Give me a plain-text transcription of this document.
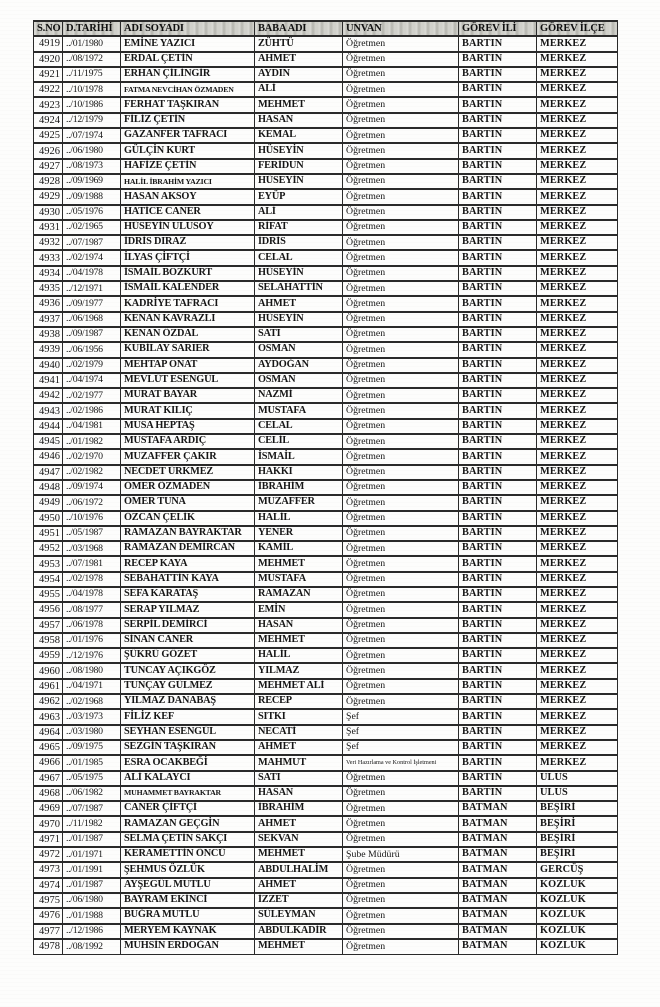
S.NO	D.TARİHİ	ADI SOYADI	BABA ADI	UNVAN	GÖREV İLİ	GÖREV İLÇE
4919	../01/1980	EMİNE YAZICI	ZÜHTÜ	Öğretmen	BARTIN	MERKEZ
4920	../08/1972	ERDAL ÇETİN	AHMET	Öğretmen	BARTIN	MERKEZ
4921	../11/1975	ERHAN ÇİLİNGİR	AYDIN	Öğretmen	BARTIN	MERKEZ
4922	../10/1978	FATMA NEVCİHAN ÖZMADEN	ALİ	Öğretmen	BARTIN	MERKEZ
4923	../10/1986	FERHAT TAŞKIRAN	MEHMET	Öğretmen	BARTIN	MERKEZ
4924	../12/1979	FİLİZ ÇETİN	HASAN	Öğretmen	BARTIN	MERKEZ
4925	../07/1974	GAZANFER TAFRACI	KEMAL	Öğretmen	BARTIN	MERKEZ
4926	../06/1980	GÜLÇİN KURT	HÜSEYİN	Öğretmen	BARTIN	MERKEZ
4927	../08/1973	HAFİZE ÇETİN	FERİDUN	Öğretmen	BARTIN	MERKEZ
4928	../09/1969	HALİL İBRAHİM YAZICI	HÜSEYİN	Öğretmen	BARTIN	MERKEZ
4929	../09/1988	HASAN AKSOY	EYÜP	Öğretmen	BARTIN	MERKEZ
4930	../05/1976	HATİCE CANER	ALİ	Öğretmen	BARTIN	MERKEZ
4931	../02/1965	HÜSEYİN ULUSOY	RİFAT	Öğretmen	BARTIN	MERKEZ
4932	../07/1987	İDRİS DIRAZ	İDRİS	Öğretmen	BARTIN	MERKEZ
4933	../02/1974	İLYAS ÇİFTÇİ	CELAL	Öğretmen	BARTIN	MERKEZ
4934	../04/1978	İSMAİL BOZKURT	HÜSEYİN	Öğretmen	BARTIN	MERKEZ
4935	../12/1971	İSMAİL KALENDER	SELAHATTİN	Öğretmen	BARTIN	MERKEZ
4936	../09/1977	KADRİYE TAFRACI	AHMET	Öğretmen	BARTIN	MERKEZ
4937	../06/1968	KENAN KAVRAZLI	HÜSEYİN	Öğretmen	BARTIN	MERKEZ
4938	../09/1987	KENAN ÖZDAL	SATI	Öğretmen	BARTIN	MERKEZ
4939	../06/1956	KUBİLAY SARIER	OSMAN	Öğretmen	BARTIN	MERKEZ
4940	../02/1979	MEHTAP ONAT	AYDOĞAN	Öğretmen	BARTIN	MERKEZ
4941	../04/1974	MEVLÜT ESENGÜL	OSMAN	Öğretmen	BARTIN	MERKEZ
4942	../02/1977	MURAT BAYAR	NAZMİ	Öğretmen	BARTIN	MERKEZ
4943	../02/1986	MURAT KILIÇ	MUSTAFA	Öğretmen	BARTIN	MERKEZ
4944	../04/1981	MUSA HEPTAŞ	CELAL	Öğretmen	BARTIN	MERKEZ
4945	../01/1982	MUSTAFA ARDIÇ	CELİL	Öğretmen	BARTIN	MERKEZ
4946	../02/1970	MUZAFFER ÇAKIR	İSMAİL	Öğretmen	BARTIN	MERKEZ
4947	../02/1982	NECDET ÜRKMEZ	HAKKI	Öğretmen	BARTIN	MERKEZ
4948	../09/1974	ÖMER ÖZMADEN	İBRAHİM	Öğretmen	BARTIN	MERKEZ
4949	../06/1972	ÖMER TUNA	MUZAFFER	Öğretmen	BARTIN	MERKEZ
4950	../10/1976	ÖZCAN ÇELİK	HALİL	Öğretmen	BARTIN	MERKEZ
4951	../05/1987	RAMAZAN BAYRAKTAR	YENER	Öğretmen	BARTIN	MERKEZ
4952	../03/1968	RAMAZAN DEMİRCAN	KAMİL	Öğretmen	BARTIN	MERKEZ
4953	../07/1981	RECEP KAYA	MEHMET	Öğretmen	BARTIN	MERKEZ
4954	../02/1978	SEBAHATTİN KAYA	MUSTAFA	Öğretmen	BARTIN	MERKEZ
4955	../04/1978	SEFA KARATAŞ	RAMAZAN	Öğretmen	BARTIN	MERKEZ
4956	../08/1977	SERAP YILMAZ	EMİN	Öğretmen	BARTIN	MERKEZ
4957	../06/1978	SERPİL DEMİRCİ	HASAN	Öğretmen	BARTIN	MERKEZ
4958	../01/1976	SİNAN CANER	MEHMET	Öğretmen	BARTIN	MERKEZ
4959	../12/1976	ŞÜKRÜ GÖZET	HALİL	Öğretmen	BARTIN	MERKEZ
4960	../08/1980	TUNCAY AÇIKGÖZ	YILMAZ	Öğretmen	BARTIN	MERKEZ
4961	../04/1971	TUNÇAY GÜLMEZ	MEHMET ALİ	Öğretmen	BARTIN	MERKEZ
4962	../02/1968	YILMAZ DANABAŞ	RECEP	Öğretmen	BARTIN	MERKEZ
4963	../03/1973	FİLİZ KEF	SITKI	Şef	BARTIN	MERKEZ
4964	../03/1980	SEYHAN ESENGÜL	NECATİ	Şef	BARTIN	MERKEZ
4965	../09/1975	SEZGİN TAŞKIRAN	AHMET	Şef	BARTIN	MERKEZ
4966	../01/1985	ESRA OCAKBEĞİ	MAHMUT	Veri Hazırlama ve Kontrol İşletmeni	BARTIN	MERKEZ
4967	../05/1975	ALİ KALAYCI	SATI	Öğretmen	BARTIN	ULUS
4968	../06/1982	MUHAMMET BAYRAKTAR	HASAN	Öğretmen	BARTIN	ULUS
4969	../07/1987	CANER ÇİFTÇİ	İBRAHİM	Öğretmen	BATMAN	BEŞİRİ
4970	../11/1982	RAMAZAN GEÇGİN	AHMET	Öğretmen	BATMAN	BEŞİRİ
4971	../01/1987	SELMA ÇETİN SAKÇI	SEKVAN	Öğretmen	BATMAN	BEŞİRİ
4972	../01/1971	KERAMETTİN ÖNCÜ	MEHMET	Şube Müdürü	BATMAN	BEŞİRİ
4973	../01/1991	ŞEHMUS ÖZLÜK	ABDULHALİM	Öğretmen	BATMAN	GERCÜŞ
4974	../01/1987	AYŞEGÜL MUTLU	AHMET	Öğretmen	BATMAN	KOZLUK
4975	../06/1980	BAYRAM EKİNCİ	İZZET	Öğretmen	BATMAN	KOZLUK
4976	../01/1988	BUĞRA MUTLU	SÜLEYMAN	Öğretmen	BATMAN	KOZLUK
4977	../12/1986	MERYEM KAYNAK	ABDULKADİR	Öğretmen	BATMAN	KOZLUK
4978	../08/1992	MUHSİN ERDOĞAN	MEHMET	Öğretmen	BATMAN	KOZLUK
